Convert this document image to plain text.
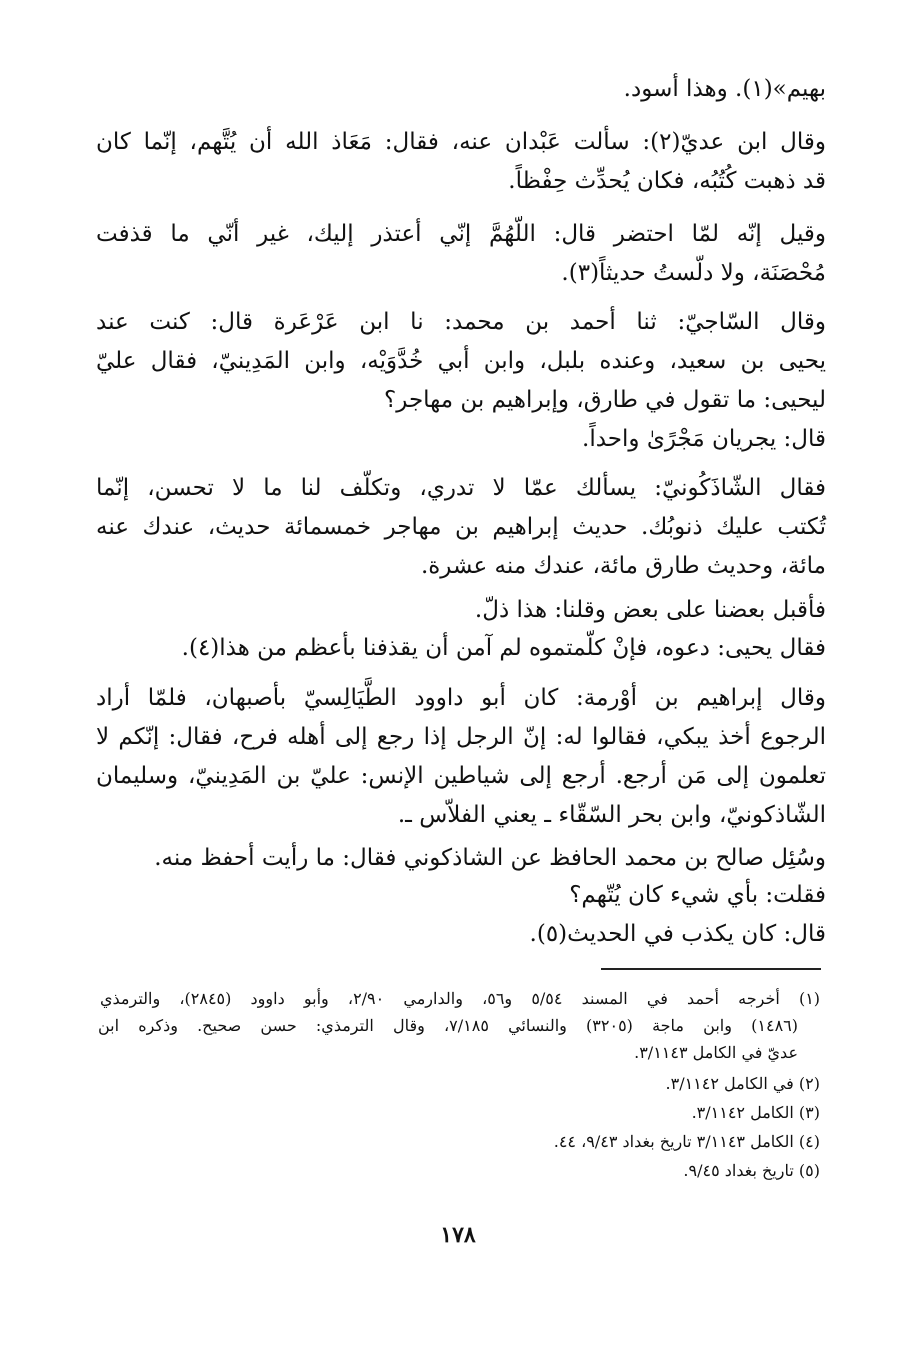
بهيم»(١). وهذا أسود.
وقال ابن عديّ(٢): سألت عَبْدان عنه، فقال: مَعَاذ الله أن يُتَّهم، إنّما كان
قد ذهبت كُتُبُه، فكان يُحدِّث حِفْظاً.
وقيل إنّه لمّا احتضر قال: اللّهُمَّ إنّي أعتذر إليك، غير أنّي ما قذفت
مُحْصَنَة، ولا دلّستُ حديثاً(٣).
وقال السّاجيّ: ثنا أحمد بن محمد: نا ابن عَرْعَرة قال: كنت عند
يحيى بن سعيد، وعنده بلبل، وابن أبي خُدَّوَيْه، وابن المَدِينيّ، فقال عليّ
ليحيى: ما تقول في طارق، وإبراهيم بن مهاجر؟
قال: يجريان مَجْرًىٰ واحداً.
فقال الشّاذَكُونيّ: يسألك عمّا لا تدري، وتكلّف لنا ما لا تحسن، إنّما
تُكتب عليك ذنوبُك. حديث إبراهيم بن مهاجر خمسمائة حديث، عندك عنه
مائة، وحديث طارق مائة، عندك منه عشرة.
فأقبل بعضنا على بعض وقلنا: هذا ذلّ.
فقال يحيى: دعوه، فإنْ كلّمتموه لم آمن أن يقذفنا بأعظم من هذا(٤).
وقال إبراهيم بن أوْرمة: كان أبو داوود الطَّيَالِسيّ بأصبهان، فلمّا أراد
الرجوع أخذ يبكي، فقالوا له: إنّ الرجل إذا رجع إلى أهله فرح، فقال: إنّكم لا
تعلمون إلى مَن أرجع. أرجع إلى شياطين الإنس: عليّ بن المَدِينيّ، وسليمان
الشّاذكونيّ، وابن بحر السّقّاء ـ يعني الفلاّس ـ.
وسُئِل صالح بن محمد الحافظ عن الشاذكوني فقال: ما رأيت أحفظ منه.
فقلت: بأي شيء كان يُتّهم؟
قال: كان يكذب في الحديث(٥).
(١) أخرجه أحمد في المسند ٥/٥٤ و٥٦، والدارمي ٢/٩٠، وأبو داوود (٢٨٤٥)، والترمذي
(١٤٨٦) وابن ماجة (٣٢٠٥) والنسائي ٧/١٨٥، وقال الترمذي: حسن صحيح. وذكره ابن
عديّ في الكامل ٣/١١٤٣.
(٢) في الكامل ٣/١١٤٢.
(٣) الكامل ٣/١١٤٢.
(٤) الكامل ٣/١١٤٣ تاريخ بغداد ٩/٤٣، ٤٤.
(٥) تاريخ بغداد ٩/٤٥.
١٧٨
